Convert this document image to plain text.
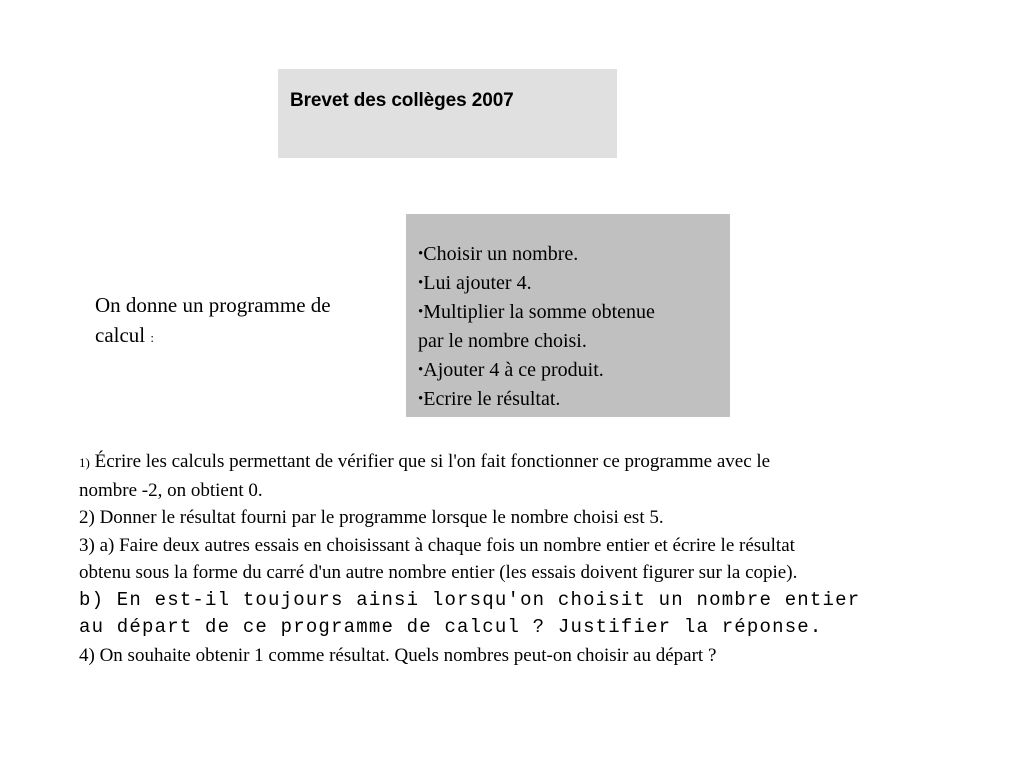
Brevet des collèges 2007
On donne un programme de
calcul :
•Choisir un nombre.
•Lui ajouter 4.
•Multiplier la somme obtenue
par le nombre choisi.
•Ajouter 4 à ce produit.
•Ecrire le résultat.
1) Écrire les calculs permettant de vérifier que si l'on fait fonctionner ce programme avec le
nombre -2, on obtient 0.
2) Donner le résultat fourni par le programme lorsque le nombre choisi est 5.
3) a) Faire deux autres essais en choisissant à chaque fois un nombre entier et écrire le résultat
obtenu sous la forme du carré d'un autre nombre entier (les essais doivent figurer sur la copie).
b) En est-il toujours ainsi lorsqu'on choisit un nombre entier
au départ de ce programme de calcul ? Justifier la réponse.
4) On souhaite obtenir 1 comme résultat. Quels nombres peut-on choisir au départ ?
